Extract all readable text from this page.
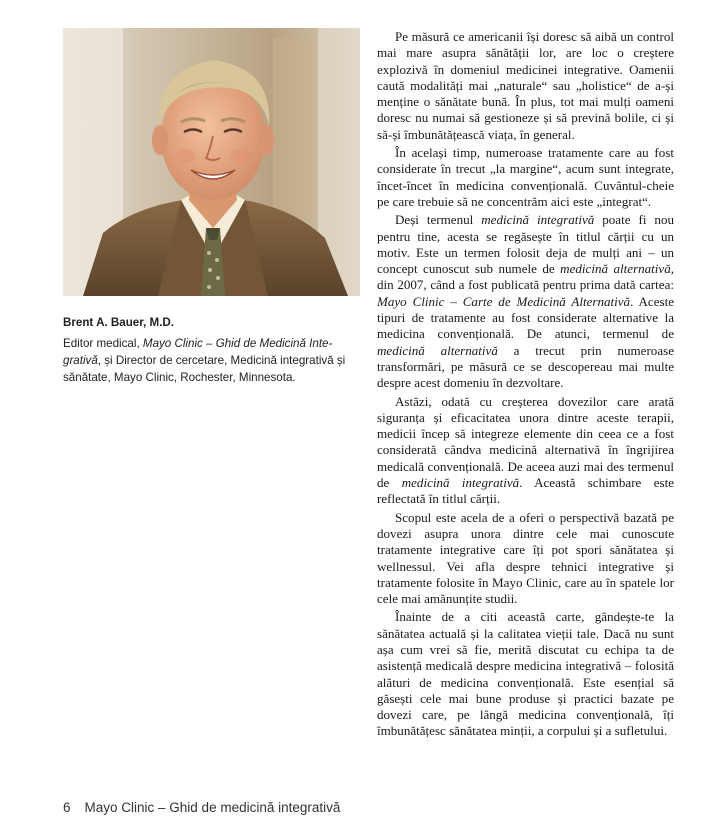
Brent A. Bauer, M.D.
Editor medical, Mayo Clinic – Ghid de Medicină Integrativă, și Director de cercetare, Medicină integrativă și sănătate, Mayo Clinic, Rochester, Minnesota.

Pe măsură ce americanii își doresc să aibă un control mai mare asupra sănătății lor, are loc o creștere explozivă în domeniul medicinei integrative. Oamenii caută modalități mai „naturale“ sau „holistice“ de a-și menține o sănătate bună. În plus, tot mai mulți oameni doresc nu numai să gestioneze și să prevină bolile, ci și să-și îmbunătățească viața, în general.

În același timp, numeroase tratamente care au fost considerate în trecut „la margine“, acum sunt integrate, încet-încet în medicina convențională. Cuvântul-cheie pe care trebuie să ne concentrăm aici este „integrat“.

Deși termenul medicină integrativă poate fi nou pentru tine, acesta se regăsește în titlul cărții cu un motiv. Este un termen folosit deja de mulți ani – un concept cunoscut sub numele de medicină alternativă, din 2007, când a fost publicată pentru prima dată cartea: Mayo Clinic – Carte de Medicină Alternativă. Aceste tipuri de tratamente au fost considerate alternative la medicina convențională. De atunci, termenul de medicină alternativă a trecut prin numeroase transformări, pe măsură ce se descopereau mai multe despre acest domeniu în dezvoltare.

Astăzi, odată cu creșterea dovezilor care arată siguranța și eficacitatea unora dintre aceste terapii, medicii încep să integreze elemente din ceea ce a fost considerată cândva medicină alternativă în îngrijirea medicală convențională. De aceea auzi mai des termenul de medicină integrativă. Această schimbare este reflectată în titlul cărții.

Scopul este acela de a oferi o perspectivă bazată pe dovezi asupra unora dintre cele mai cunoscute tratamente integrative care îți pot spori sănătatea și wellnessul. Vei afla despre tehnici integrative și tratamente folosite în Mayo Clinic, care au în spatele lor cele mai amănunțite studii.

Înainte de a citi această carte, gândește-te la sănătatea actuală și la calitatea vieții tale. Dacă nu sunt așa cum vrei să fie, merită discutat cu echipa ta de asistență medicală despre medicina integrativă – folosită alături de medicina convențională. Este esențial să găsești cele mai bune produse și practici bazate pe dovezi care, pe lângă medicina convențională, îți îmbunătățesc sănătatea minții, a corpului și a sufletului.

6 Mayo Clinic – Ghid de medicină integrativă
